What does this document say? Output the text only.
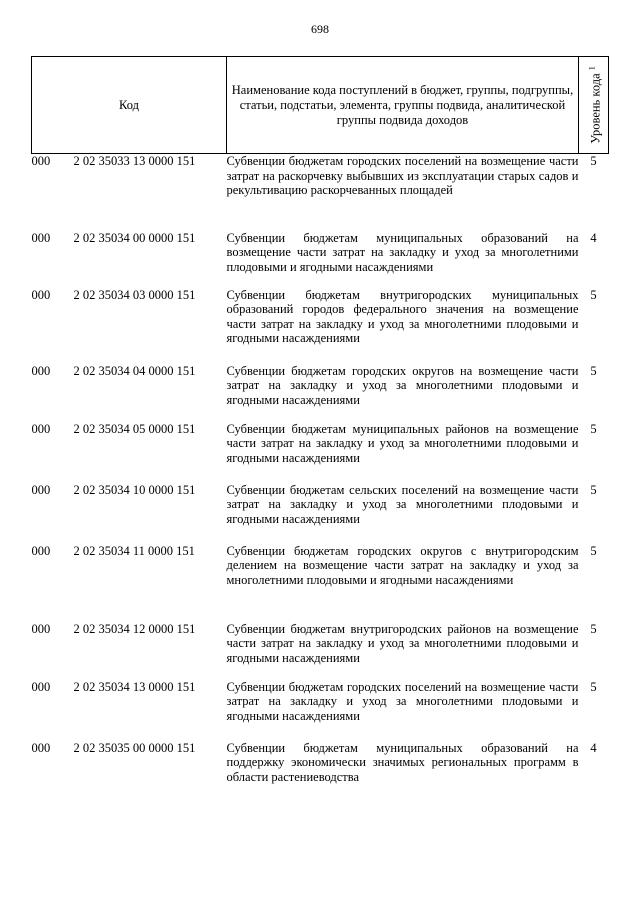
698
Код	Наименование кода поступлений в бюджет, группы, подгруппы, статьи, подстатьи, элемента, группы подвида, аналитической группы подвида доходов	Уровень кода $^1$

000 2 02 35033 13 0000 151	Субвенции бюджетам городских поселений на возмещение части затрат на раскорчевку выбывших из эксплуатации старых садов и рекультивацию раскорчеванных площадей	5
000 2 02 35034 00 0000 151	Субвенции бюджетам муниципальных образований на возмещение части затрат на закладку и уход за многолетними плодовыми и ягодными насаждениями	4
000 2 02 35034 03 0000 151	Субвенции бюджетам внутригородских муниципальных образований городов федерального значения на возмещение части затрат на закладку и уход за многолетними плодовыми и ягодными насаждениями	5
000 2 02 35034 04 0000 151	Субвенции бюджетам городских округов на возмещение части затрат на закладку и уход за многолетними плодовыми и ягодными насаждениями	5
000 2 02 35034 05 0000 151	Субвенции бюджетам муниципальных районов на возмещение части затрат на закладку и уход за многолетними плодовыми и ягодными насаждениями	5
000 2 02 35034 10 0000 151	Субвенции бюджетам сельских поселений на возмещение части затрат на закладку и уход за многолетними плодовыми и ягодными насаждениями	5
000 2 02 35034 11 0000 151	Субвенции бюджетам городских округов с внутригородским делением на возмещение части затрат на закладку и уход за многолетними плодовыми и ягодными насаждениями	5
000 2 02 35034 12 0000 151	Субвенции бюджетам внутригородских районов на возмещение части затрат на закладку и уход за многолетними плодовыми и ягодными насаждениями	5
000 2 02 35034 13 0000 151	Субвенции бюджетам городских поселений на возмещение части затрат на закладку и уход за многолетними плодовыми и ягодными насаждениями	5
000 2 02 35035 00 0000 151	Субвенции бюджетам муниципальных образований на поддержку экономически значимых региональных программ в области растениеводства	4
